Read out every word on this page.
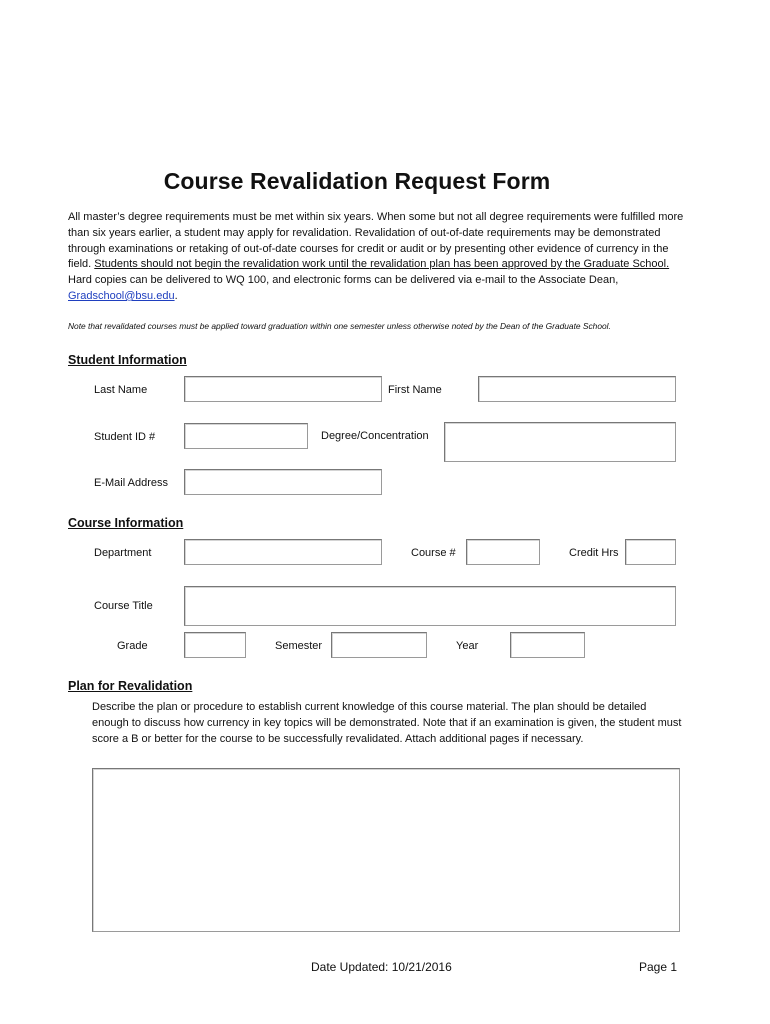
Course Revalidation Request Form
All master’s degree requirements must be met within six years. When some but not all degree requirements were fulfilled more than six years earlier, a student may apply for revalidation. Revalidation of out-of-date requirements may be demonstrated through examinations or retaking of out-of-date courses for credit or audit or by presenting other evidence of currency in the field. Students should not begin the revalidation work until the revalidation plan has been approved by the Graduate School. Hard copies can be delivered to WQ 100, and electronic forms can be delivered via e-mail to the Associate Dean, Gradschool@bsu.edu.
Note that revalidated courses must be applied toward graduation within one semester unless otherwise noted by the Dean of the Graduate School.
Student Information
Last Name	First Name
Student ID #	Degree/Concentration
E-Mail Address
Course Information
Department	Course #	Credit Hrs
Course Title
Grade	Semester	Year
Plan for Revalidation
Describe the plan or procedure to establish current knowledge of this course material. The plan should be detailed enough to discuss how currency in key topics will be demonstrated. Note that if an examination is given, the student must score a B or better for the course to be successfully revalidated. Attach additional pages if necessary.
Date Updated: 10/21/2016	Page 1
